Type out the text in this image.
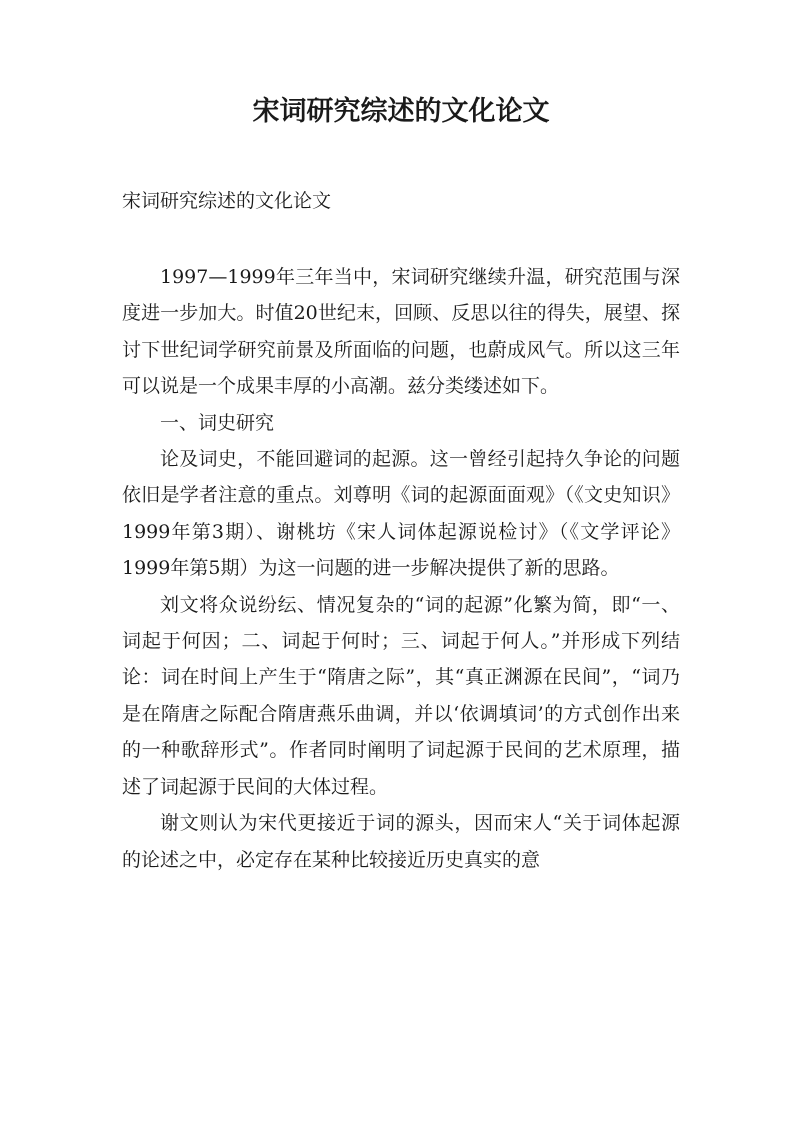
宋词研究综述的文化论文
宋词研究综述的文化论文

1997—1999年三年当中，宋词研究继续升温，研究范围与深度进一步加大。时值20世纪末，回顾、反思以往的得失，展望、探讨下世纪词学研究前景及所面临的问题，也蔚成风气。所以这三年可以说是一个成果丰厚的小高潮。兹分类缕述如下。

一、词史研究

论及词史，不能回避词的起源。这一曾经引起持久争论的问题依旧是学者注意的重点。刘尊明《词的起源面面观》（《文史知识》1999年第3期）、谢桃坊《宋人词体起源说检讨》（《文学评论》1999年第5期）为这一问题的进一步解决提供了新的思路。

刘文将众说纷纭、情况复杂的“词的起源”化繁为简，即“一、词起于何因；二、词起于何时；三、词起于何人。”并形成下列结论：词在时间上产生于“隋唐之际”，其“真正渊源在民间”，“词乃是在隋唐之际配合隋唐燕乐曲调，并以‘依调填词’的方式创作出来的一种歌辞形式”。作者同时阐明了词起源于民间的艺术原理，描述了词起源于民间的大体过程。

谢文则认为宋代更接近于词的源头，因而宋人“关于词体起源的论述之中，必定存在某种比较接近历史真实的意
